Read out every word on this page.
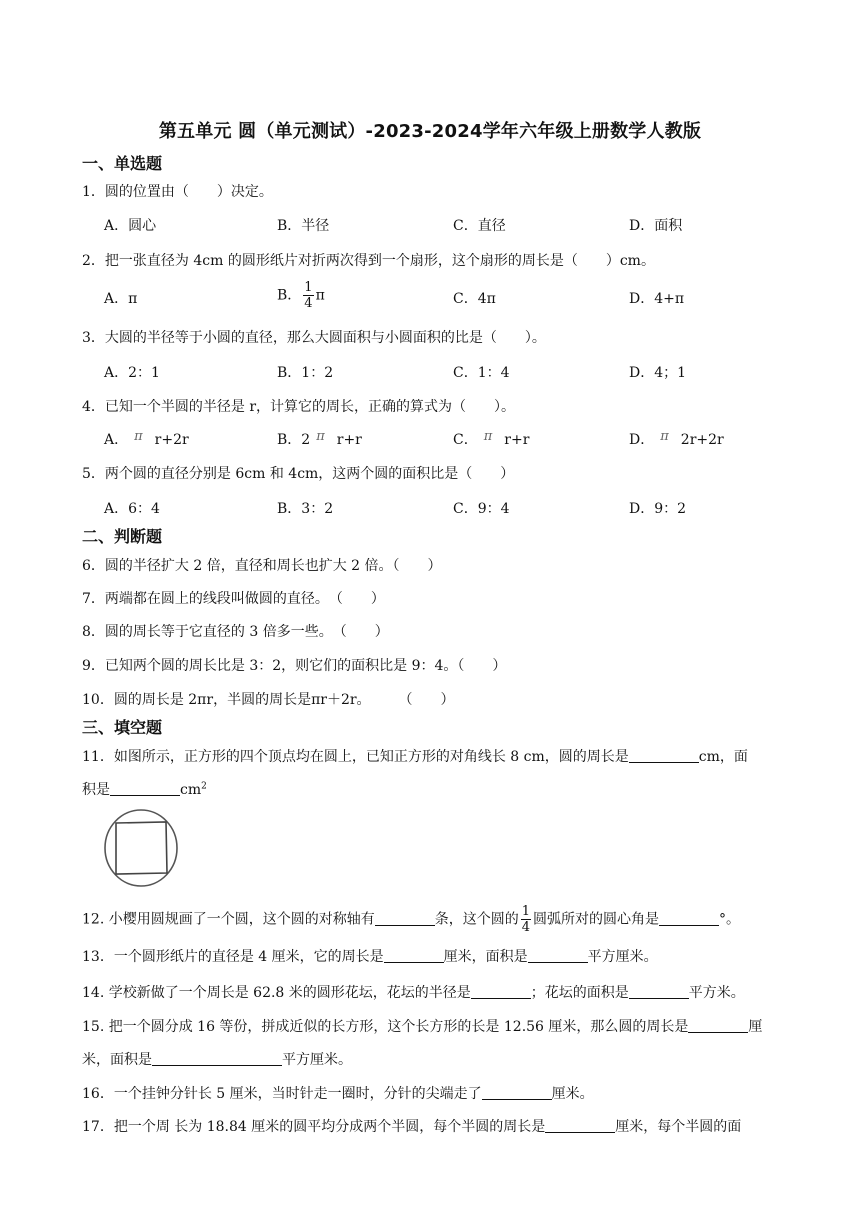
第五单元 圆（单元测试）-2023-2024学年六年级上册数学人教版
一、单选题
1．圆的位置由（　　）决定。
A．圆心	B．半径	C．直径	D．面积
2．把一张直径为 4cm 的圆形纸片对折两次得到一个扇形，这个扇形的周长是（　　）cm。
A．π	B． $\frac{1}{4}$ π	C．4π	D．4+π
3．大圆的半径等于小圆的直径，那么大圆面积与小圆面积的比是（　　）。
A．2：1	B．1：2	C．1：4	D．4；1
4．已知一个半圆的半径是 r，计算它的周长，正确的算式为（　　）。
A． π r+2r	B．2 π r+r	C． π r+r	D． π 2r+2r
5．两个圆的直径分别是 6cm 和 4cm，这两个圆的面积比是（　　）
A．6：4	B．3：2	C．9：4	D．9：2
二、判断题
6．圆的半径扩大 2 倍，直径和周长也扩大 2 倍。（　　）
7．两端都在圆上的线段叫做圆的直径。　（　　）
8．圆的周长等于它直径的 3 倍多一些。　（　　）
9．已知两个圆的周长比是 3：2，则它们的面积比是 9：4。（　　）
10．圆的周长是 2πr，半圆的周长是πr＋2r。　　　（　　）
三、填空题
11．如图所示，正方形的四个顶点均在圆上，已知正方形的对角线长 8 cm，圆的周长是	cm，面
积是	$cm^2$
12. 小樱用圆规画了一个圆，这个圆的对称轴有	条，这个圆的 $\frac{1}{4}$ 圆弧所对的圆心角是	°。
13．一个圆形纸片的直径是 4 厘米，它的周长是	厘米，面积是	平方厘米。
14. 学校新做了一个周长是 62.8 米的圆形花坛，花坛的半径是	；花坛的面积是	平方米。
15. 把一个圆分成 16 等份，拼成近似的长方形，这个长方形的长是 12.56 厘米，那么圆的周长是	厘
米，面积是	平方厘米。
16．一个挂钟分针长 5 厘米，当时针走一圈时，分针的尖端走了	厘米。
17．把一个周 长为 18.84 厘米的圆平均分成两个半圆，每个半圆的周长是	厘米，每个半圆的面
